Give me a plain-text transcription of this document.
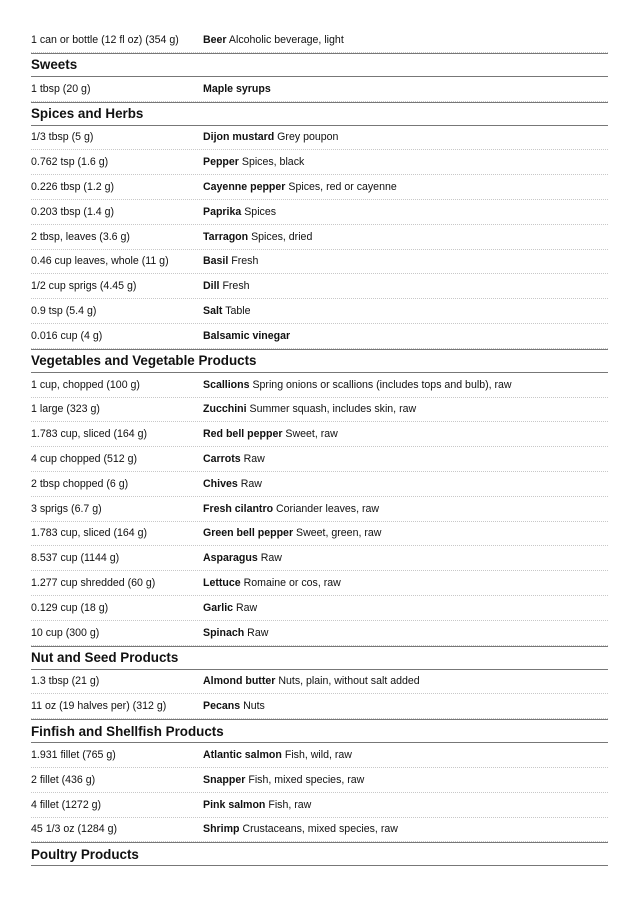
1 can or bottle (12 fl oz) (354 g)	Beer Alcoholic beverage, light
Sweets
1 tbsp (20 g)	Maple syrups
Spices and Herbs
1/3 tbsp (5 g)	Dijon mustard Grey poupon
0.762 tsp (1.6 g)	Pepper Spices, black
0.226 tbsp (1.2 g)	Cayenne pepper Spices, red or cayenne
0.203 tbsp (1.4 g)	Paprika Spices
2 tbsp, leaves (3.6 g)	Tarragon Spices, dried
0.46 cup leaves, whole (11 g)	Basil Fresh
1/2 cup sprigs (4.45 g)	Dill Fresh
0.9 tsp (5.4 g)	Salt Table
0.016 cup (4 g)	Balsamic vinegar
Vegetables and Vegetable Products
1 cup, chopped (100 g)	Scallions Spring onions or scallions (includes tops and bulb), raw
1 large (323 g)	Zucchini Summer squash, includes skin, raw
1.783 cup, sliced (164 g)	Red bell pepper Sweet, raw
4 cup chopped (512 g)	Carrots Raw
2 tbsp chopped (6 g)	Chives Raw
3 sprigs (6.7 g)	Fresh cilantro Coriander leaves, raw
1.783 cup, sliced (164 g)	Green bell pepper Sweet, green, raw
8.537 cup (1144 g)	Asparagus Raw
1.277 cup shredded (60 g)	Lettuce Romaine or cos, raw
0.129 cup (18 g)	Garlic Raw
10 cup (300 g)	Spinach Raw
Nut and Seed Products
1.3 tbsp (21 g)	Almond butter Nuts, plain, without salt added
11 oz (19 halves per) (312 g)	Pecans Nuts
Finfish and Shellfish Products
1.931 fillet (765 g)	Atlantic salmon Fish, wild, raw
2 fillet (436 g)	Snapper Fish, mixed species, raw
4 fillet (1272 g)	Pink salmon Fish, raw
45 1/3 oz (1284 g)	Shrimp Crustaceans, mixed species, raw
Poultry Products
